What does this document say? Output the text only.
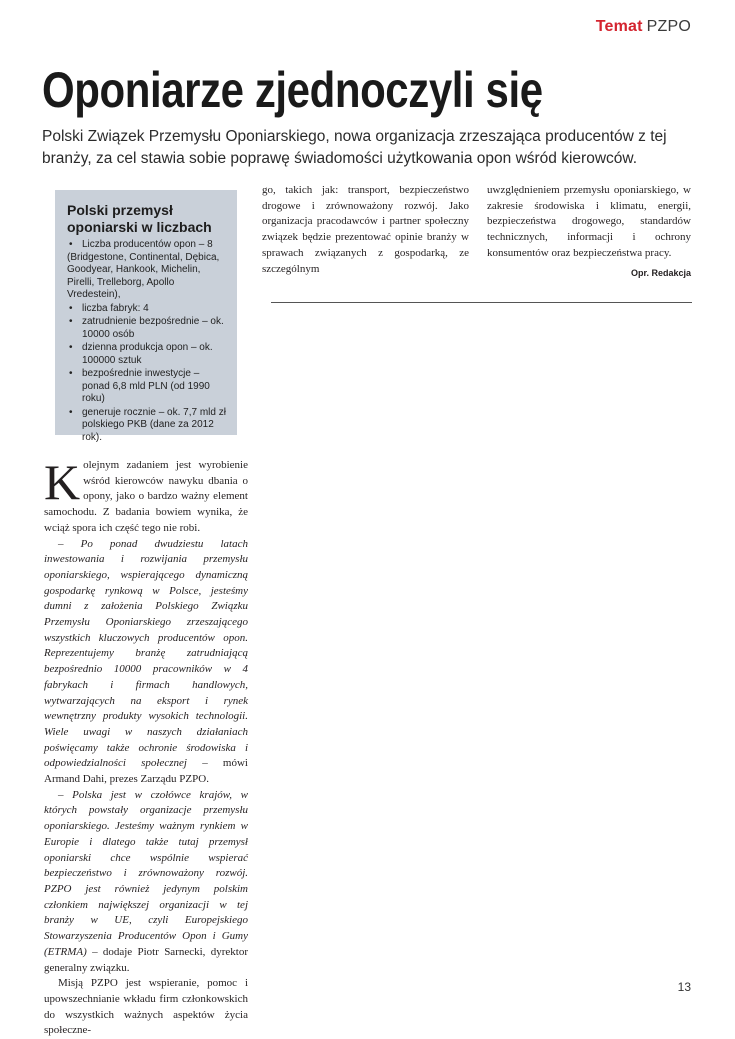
Temat PZPO
Oponiarze zjednoczyli się

Polski Związek Przemysłu Oponiarskiego, nowa organizacja zrzeszająca producentów z tej branży, za cel stawia sobie poprawę świadomości użytkowania opon wśród kierowców.

Polski przemysł oponiarski w liczbach
• Liczba producentów opon – 8 (Bridgestone, Continental, Dębica, Goodyear, Hankook, Michelin, Pirelli, Trelleborg, Apollo Vredestein),
• liczba fabryk: 4
• zatrudnienie bezpośrednie – ok. 10000 osób
• dzienna produkcja opon – ok. 100000 sztuk
• bezpośrednie inwestycje – ponad 6,8 mld PLN (od 1990 roku)
• generuje rocznie – ok. 7,7 mld zł polskiego PKB (dane za 2012 rok).

Kolejnym zadaniem jest wyrobienie wśród kierowców nawyku dbania o opony, jako o bardzo ważny element samochodu. Z badania bowiem wynika, że wciąż spora ich część tego nie robi.

– Po ponad dwudziestu latach inwestowania i rozwijania przemysłu oponiarskiego, wspierającego dynamiczną gospodarkę rynkową w Polsce, jesteśmy dumni z założenia Polskiego Związku Przemysłu Oponiarskiego zrzeszającego wszystkich kluczowych producentów opon. Reprezentujemy branżę zatrudniającą bezpośrednio 10000 pracowników w 4 fabrykach i firmach handlowych, wytwarzających na eksport i rynek wewnętrzny produkty wysokich technologii. Wiele uwagi w naszych działaniach poświęcamy także ochronie środowiska i odpowiedzialności społecznej – mówi Armand Dahi, prezes Zarządu PZPO.

– Polska jest w czołówce krajów, w których powstały organizacje przemysłu oponiarskiego. Jesteśmy ważnym rynkiem w Europie i dlatego także tutaj przemysł oponiarski chce wspólnie wspierać bezpieczeństwo i zrównoważony rozwój. PZPO jest również jedynym polskim członkiem największej organizacji w tej branży w UE, czyli Europejskiego Stowarzyszenia Producentów Opon i Gumy (ETRMA) – dodaje Piotr Sarnecki, dyrektor generalny związku.

Misją PZPO jest wspieranie, pomoc i upowszechnianie wkładu firm członkowskich do wszystkich ważnych aspektów życia społeczne-

go, takich jak: transport, bezpieczeństwo drogowe i zrównoważony rozwój. Jako organizacja pracodawców i partner społeczny związek będzie prezentować opinie branży w sprawach związanych z gospodarką, ze szczególnym

uwzględnieniem przemysłu oponiarskiego, w zakresie środowiska i klimatu, energii, bezpieczeństwa drogowego, standardów technicznych, informacji i ochrony konsumentów oraz bezpieczeństwa pracy.

Opr. Redakcja

13
